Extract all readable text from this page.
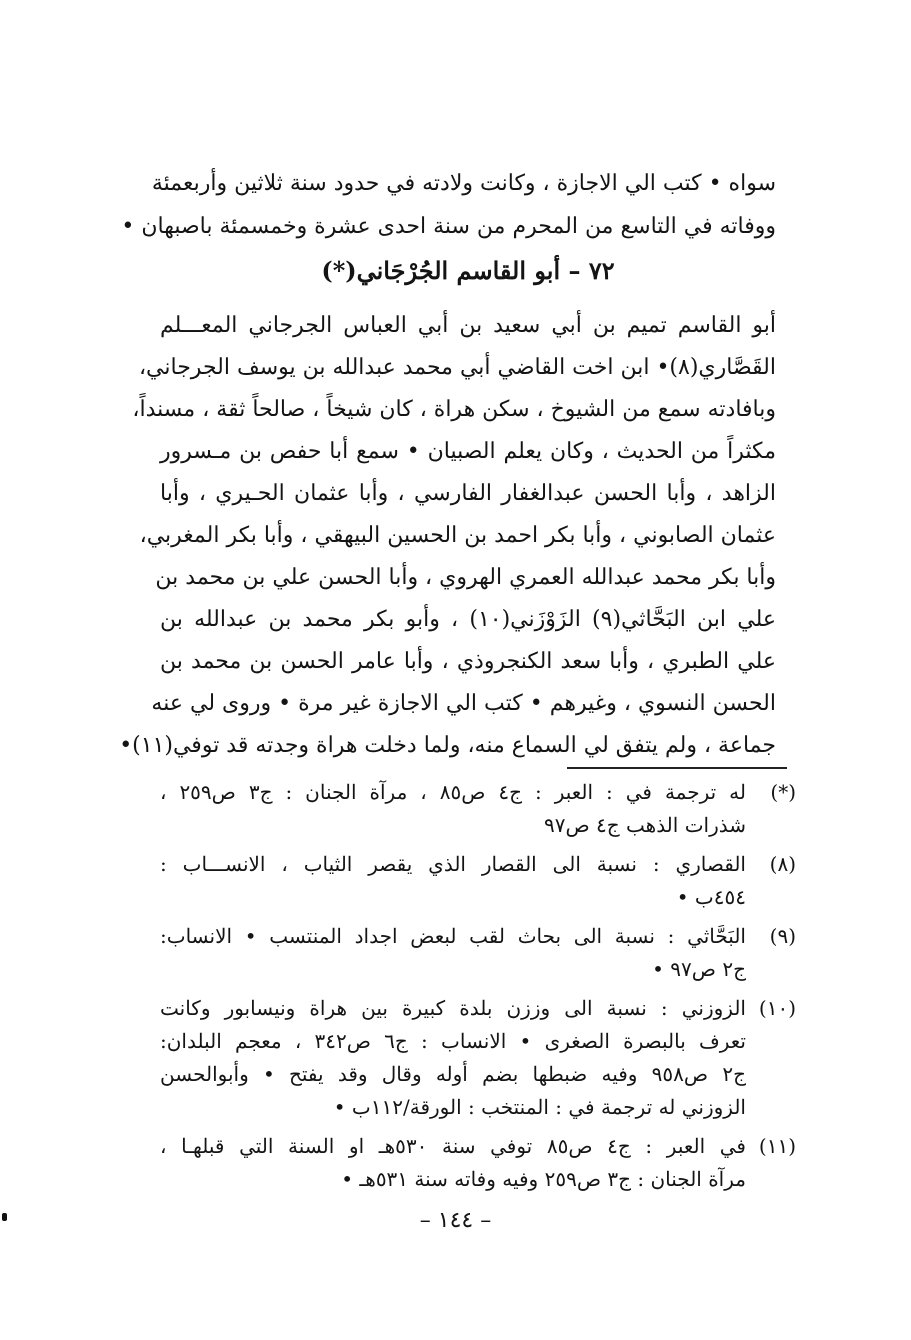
سواه • كتب الي الاجازة ، وكانت ولادته في حدود سنة ثلاثين وأربعمئة
ووفاته في التاسع من المحرم من سنة احدى عشرة وخمسمئة باصبهان •
٧٢ – أبو القاسم الجُرْجَاني(*)
أبو القاسم تميم بن أبي سعيد بن أبي العباس الجرجاني المعـــلم
القَصَّاري(٨)• ابن اخت القاضي أبي محمد عبدالله بن يوسف الجرجاني،
وبافادته سمع من الشيوخ ، سكن هراة ، كان شيخاً ، صالحاً ثقة ، مسنداً،
مكثراً من الحديث ، وكان يعلم الصبيان • سمع أبا حفص بن مـسرور
الزاهد ، وأبا الحسن عبدالغفار الفارسي ، وأبا عثمان الحـيري ، وأبا
عثمان الصابوني ، وأبا بكر احمد بن الحسين البيهقي ، وأبا بكر المغربي،
وأبا بكر محمد عبدالله العمري الهروي ، وأبا الحسن علي بن محمد بن
علي ابن البَحَّاثي(٩) الزَوْزَني(١٠) ، وأبو بكر محمد بن عبدالله بن
علي الطبري ، وأبا سعد الكنجروذي ، وأبا عامر الحسن بن محمد بن
الحسن النسوي ، وغيرهم • كتب الي الاجازة غير مرة • وروى لي عنه
جماعة ، ولم يتفق لي السماع منه، ولما دخلت هراة وجدته قد توفي(١١)•
(*)
له ترجمة في : العبر : ج٤ ص٨٥ ، مرآة الجنان : ج٣ ص٢٥٩ ،
شذرات الذهب ج٤ ص٩٧
(٨)
القصاري : نسبة الى القصار الذي يقصر الثياب ، الانســـاب :
٤٥٤ب •
(٩)
البَحَّاثي : نسبة الى بحاث لقب لبعض اجداد المنتسب • الانساب:
ج٢ ص٩٧ •
(١٠)
الزوزني : نسبة الى وززن بلدة كبيرة بين هراة ونيسابور وكانت
تعرف بالبصرة الصغرى • الانساب : ج٦ ص٣٤٢ ، معجم البلدان:
ج٢ ص٩٥٨ وفيه ضبطها بضم أوله وقال وقد يفتح • وأبوالحسن
الزوزني له ترجمة في : المنتخب : الورقة/١١٢ب •
(١١)
في العبر : ج٤ ص٨٥ توفي سنة ٥٣٠هـ او السنة التي قبلهـا ،
مرآة الجنان : ج٣ ص٢٥٩ وفيه وفاته سنة ٥٣١هـ •
– ١٤٤ –
